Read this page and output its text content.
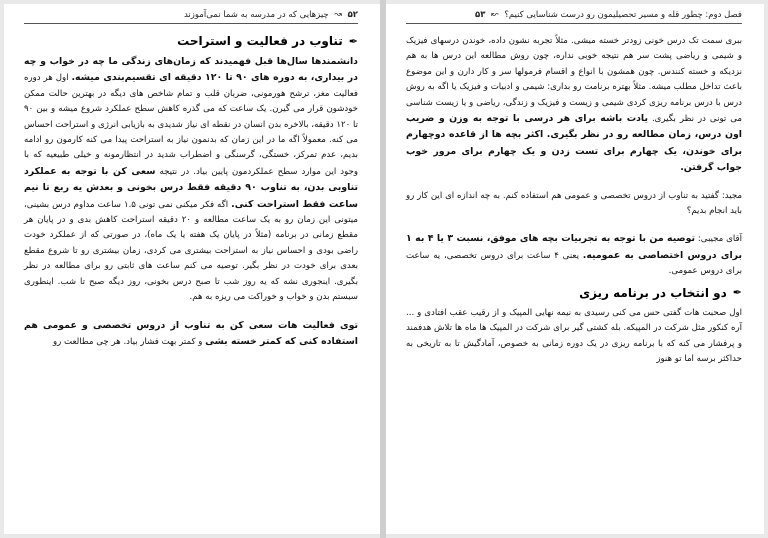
۵۲ ↝ چیزهایی که در مدرسه به شما نمی‌آموزند
✒
تناوب در فعالیت و استراحت

دانشمندها سال‌ها قبل فهمیدند که زمان‌های زندگی ما چه در خواب و چه در بیداری، به دوره های ۹۰ تا ۱۲۰ دقیقه ای تقسیم‌بندی میشه. اول هر دوره فعالیت مغز، ترشح هورمونی، ضربان قلب و تمام شاخص های دیگه در بهترین حالت ممکن خودشون قرار می گیرن. یک ساعت که می گذره کاهش سطح عملکرد شروع میشه و بین ۹۰ تا ۱۲۰ دقیقه، بالاخره بدن انسان در نقطه ای نیاز شدیدی به بازیابی انرژی و استراحت احساس می کنه. معمولاً اگه ما در این زمان که بدنمون نیاز به استراحت پیدا می کنه کارمون رو ادامه بدیم، عدم تمرکز، خستگی، گرسنگی و اضطراب شدید در انتظارمونه و خیلی طبیعیه که با وجود این موارد سطح عملکردمون پایین بیاد. در نتیجه سعی کن با توجه به عملکرد تناوبی بدن، به تناوب ۹۰ دقیقه فقط درس بخونی و بعدش یه ربع تا نیم ساعت فقط استراحت کنی. اگه فکر میکنی نمی تونی ۱.۵ ساعت مداوم درس بشینی، میتونی این زمان رو به یک ساعت مطالعه و ۲۰ دقیقه استراحت کاهش بدی و در پایان هر مقطع زمانی در برنامه (مثلاً در پایان یک هفته یا یک ماه)، در صورتی که از عملکرد خودت راضی بودی و احساس نیاز به استراحت بیشتری می کردی، زمان بیشتری رو تا شروع مقطع بعدی برای خودت در نظر بگیر. توصیه می کنم ساعت های ثابتی رو برای مطالعه در نظر بگیری. اینجوری نشه که یه روز شب تا صبح درس بخونی، روز دیگه صبح تا شب. اینطوری سیستم بدن و خواب و خوراکت می ریزه به هم.

توی فعالیت هات سعی کن به تناوب از دروس تخصصی و عمومی هم استفاده کنی که کمتر خسته بشی و کمتر بهت فشار بیاد. هر چی مطالعت رو

فصل دوم: چطور قله و مسیر تحصیلیمون رو درست شناسایی کنیم؟ ↜ ۵۳

ببری سمت تک درس خونی زودتر خسته میشی. مثلاً تجربه نشون داده، خوندن درسهای فیزیک و شیمی و ریاضی پشت سر هم نتیجه خوبی نداره، چون روش مطالعه این درس ها به هم نزدیکه و خسته کنندس. چون همشون با انواع و اقسام فرمولها سر و کار دارن و این موضوع باعث تداخل مطلب میشه. مثلاً بهتره برنامت رو بداری: شیمی و ادبیات و فیزیک یا اگه به روش درس با درس برنامه ریزی کردی شیمی و زیست و فیزیک و زندگی، ریاضی و یا زیست شناسی می تونی در نظر بگیری. یادت باشه برای هر درسی با توجه به وزن و ضریب اون درس، زمان مطالعه رو در نظر بگیری. اکثر بچه ها از قاعده دوچهارم برای خوندن، یک چهارم برای تست زدن و یک چهارم برای مرور خوب جواب گرفتن.

مجید: گفتید به تناوب از دروس تخصصی و عمومی هم استفاده کنم. به چه اندازه ای این کار رو باید انجام بدیم؟

آقای مجیبی: توصیه من با توجه به تجربیات بچه های موفق، نسبت ۳ یا ۴ به ۱ برای دروس اختصاصی به عمومیه. یعنی ۴ ساعت برای دروس تخصصی، یه ساعت برای دروس عمومی.

✒
دو انتخاب در برنامه ریزی

اول صحبت هات گفتی حس می کنی رسیدی به نیمه نهایی المپیک و از رقیب عقب افتادی و ... آره کنکور مثل شرکت در المپیکه. بله کشتی گیر برای شرکت در المپیک ها ماه ها تلاش هدفمند و پرفشار می کنه که با برنامه ریزی در یک دوره زمانی به خصوص، آمادگیش تا به تاریخی به حداکثر برسه اما تو هنوز
